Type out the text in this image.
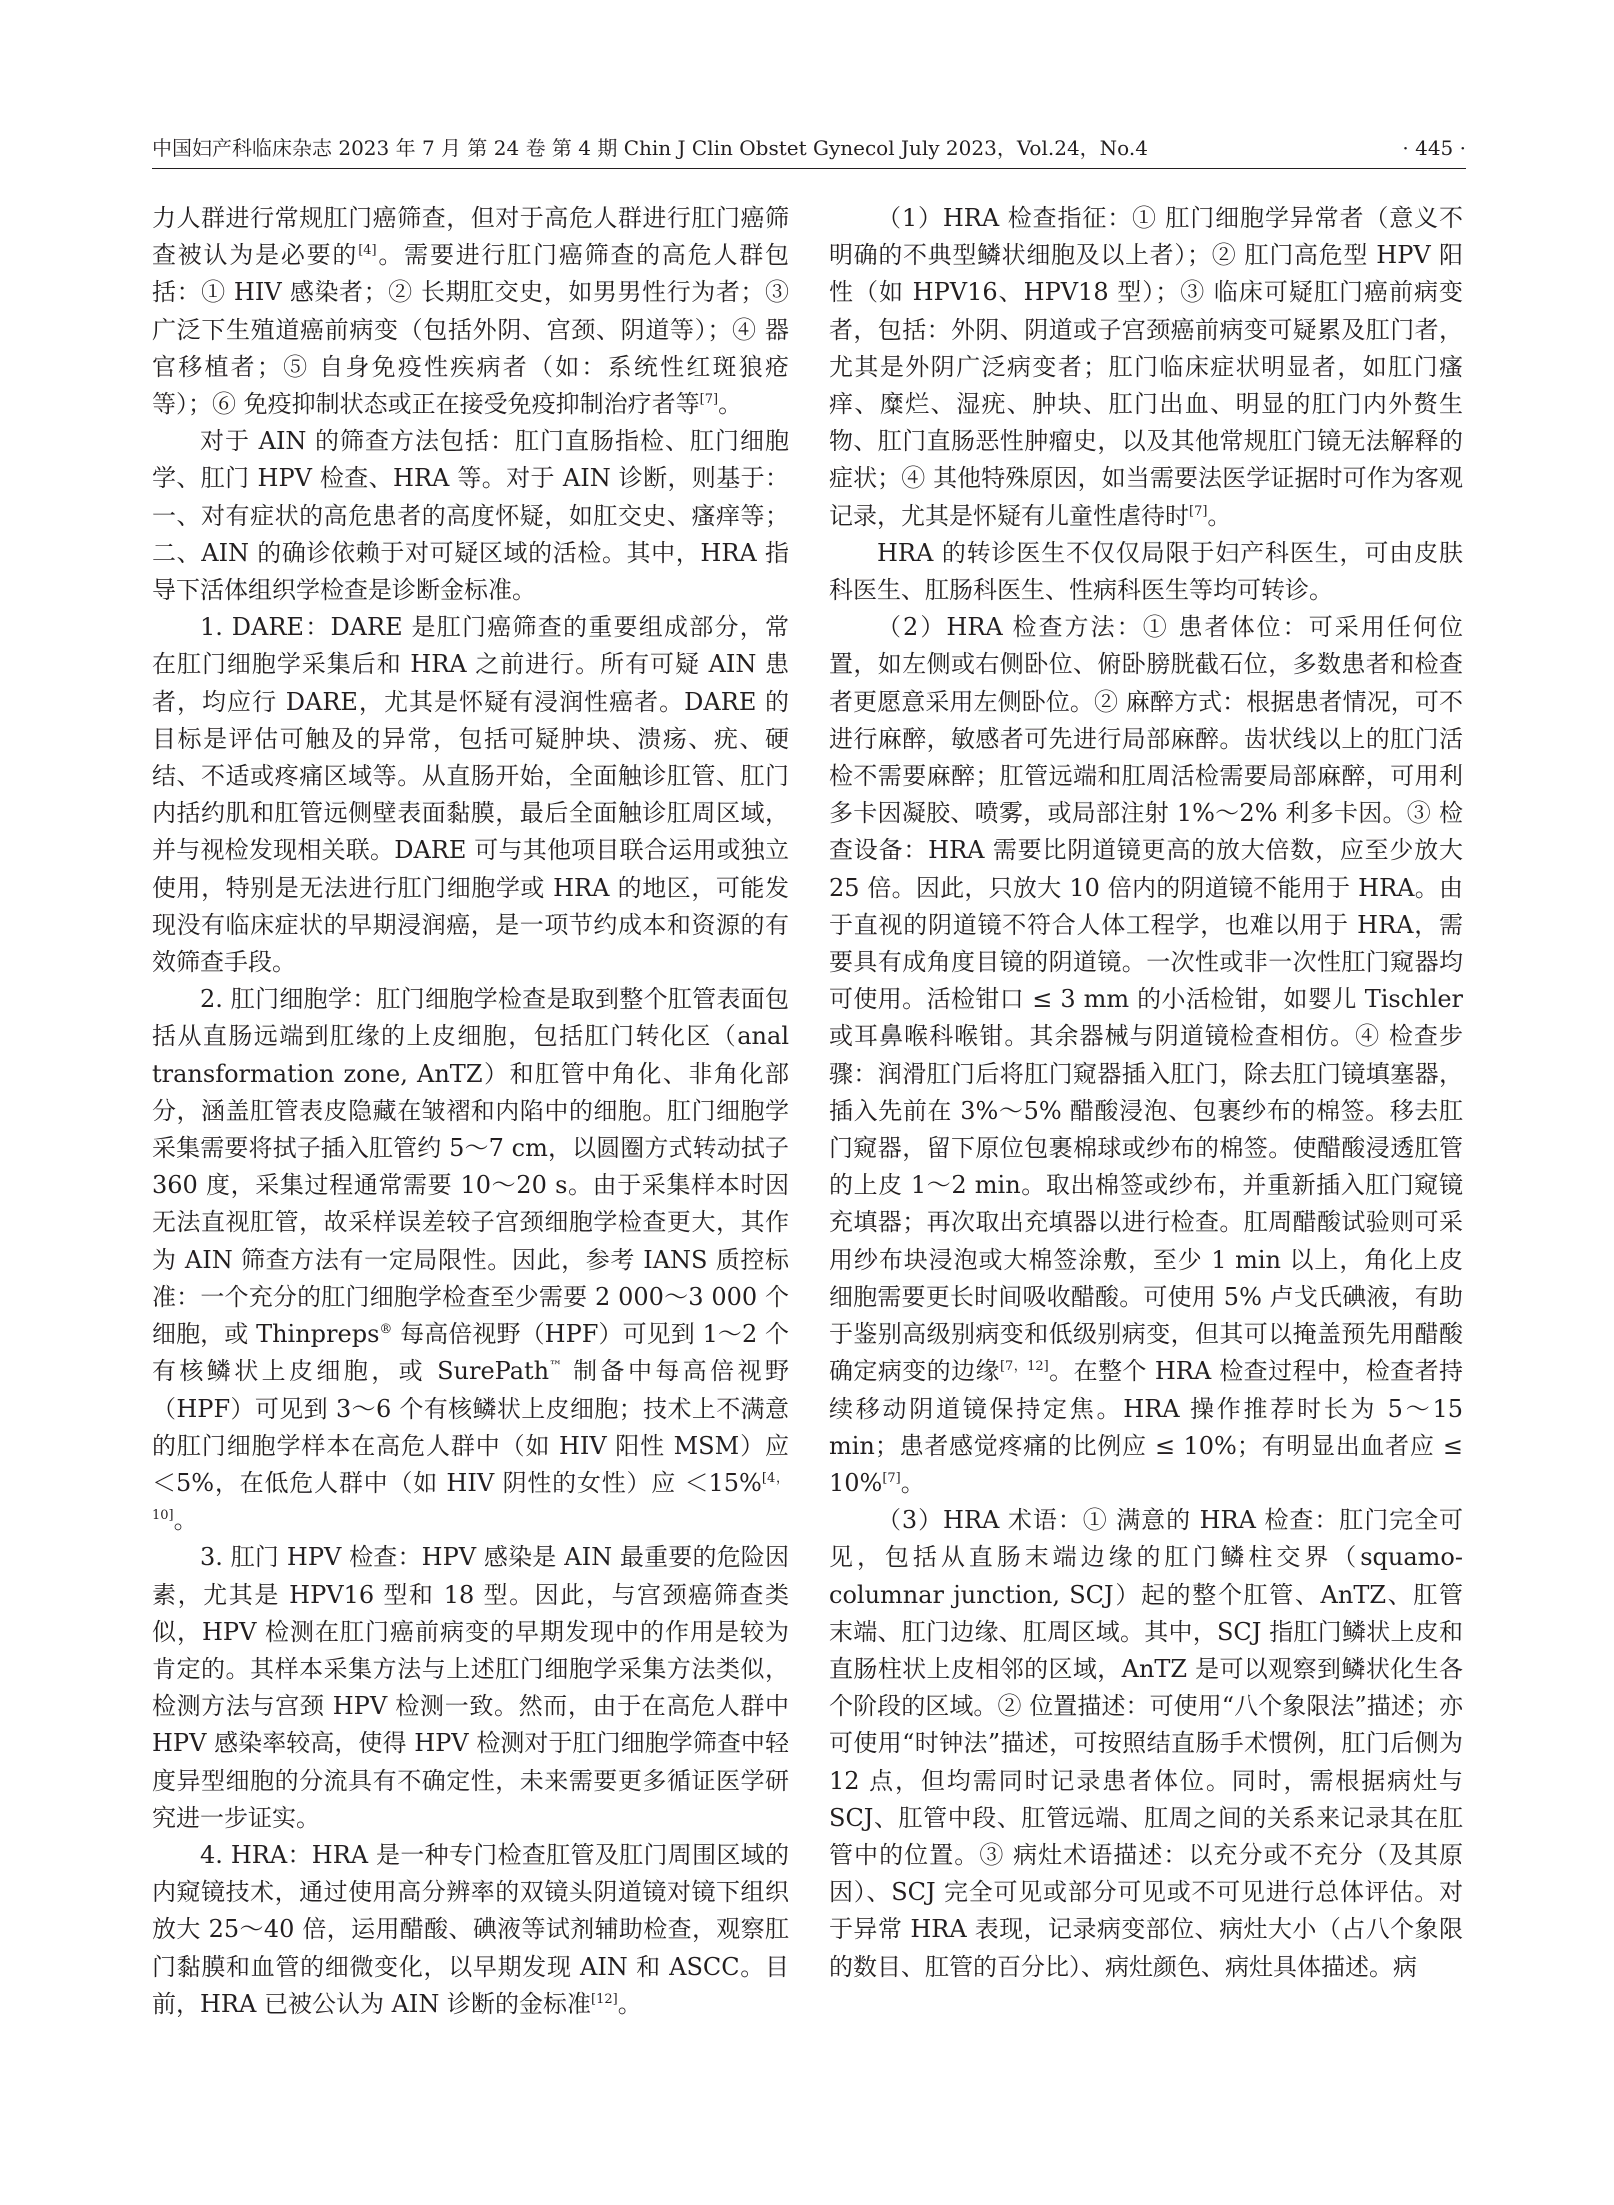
中国妇产科临床杂志 2023 年 7 月 第 24 卷 第 4 期 Chin J Clin Obstet Gynecol July 2023，Vol.24，No.4	· 445 ·

力人群进行常规肛门癌筛查，但对于高危人群进行肛门癌筛查被认为是必要的[4]。需要进行肛门癌筛查的高危人群包括：① HIV 感染者；② 长期肛交史，如男男性行为者；③ 广泛下生殖道癌前病变（包括外阴、宫颈、阴道等）；④ 器官移植者；⑤ 自身免疫性疾病者（如：系统性红斑狼疮等）；⑥ 免疫抑制状态或正在接受免疫抑制治疗者等[7]。

对于 AIN 的筛查方法包括：肛门直肠指检、肛门细胞学、肛门 HPV 检查、HRA 等。对于 AIN 诊断，则基于：一、对有症状的高危患者的高度怀疑，如肛交史、瘙痒等；二、AIN 的确诊依赖于对可疑区域的活检。其中，HRA 指导下活体组织学检查是诊断金标准。

1. DARE：DARE 是肛门癌筛查的重要组成部分，常在肛门细胞学采集后和 HRA 之前进行。所有可疑 AIN 患者，均应行 DARE，尤其是怀疑有浸润性癌者。DARE 的目标是评估可触及的异常，包括可疑肿块、溃疡、疣、硬结、不适或疼痛区域等。从直肠开始，全面触诊肛管、肛门内括约肌和肛管远侧壁表面黏膜，最后全面触诊肛周区域，并与视检发现相关联。DARE 可与其他项目联合运用或独立使用，特别是无法进行肛门细胞学或 HRA 的地区，可能发现没有临床症状的早期浸润癌，是一项节约成本和资源的有效筛查手段。

2. 肛门细胞学：肛门细胞学检查是取到整个肛管表面包括从直肠远端到肛缘的上皮细胞，包括肛门转化区（anal transformation zone, AnTZ）和肛管中角化、非角化部分，涵盖肛管表皮隐藏在皱褶和内陷中的细胞。肛门细胞学采集需要将拭子插入肛管约 5～7 cm，以圆圈方式转动拭子 360 度，采集过程通常需要 10～20 s。由于采集样本时因无法直视肛管，故采样误差较子宫颈细胞学检查更大，其作为 AIN 筛查方法有一定局限性。因此，参考 IANS 质控标准：一个充分的肛门细胞学检查至少需要 2 000～3 000 个细胞，或 Thinpreps® 每高倍视野（HPF）可见到 1～2 个有核鳞状上皮细胞，或 SurePath™ 制备中每高倍视野（HPF）可见到 3～6 个有核鳞状上皮细胞；技术上不满意的肛门细胞学样本在高危人群中（如 HIV 阳性 MSM）应 ＜5%，在低危人群中（如 HIV 阴性的女性）应 ＜15%[4，10]。

3. 肛门 HPV 检查：HPV 感染是 AIN 最重要的危险因素，尤其是 HPV16 型和 18 型。因此，与宫颈癌筛查类似，HPV 检测在肛门癌前病变的早期发现中的作用是较为肯定的。其样本采集方法与上述肛门细胞学采集方法类似，检测方法与宫颈 HPV 检测一致。然而，由于在高危人群中 HPV 感染率较高，使得 HPV 检测对于肛门细胞学筛查中轻度异型细胞的分流具有不确定性，未来需要更多循证医学研究进一步证实。

4. HRA：HRA 是一种专门检查肛管及肛门周围区域的内窥镜技术，通过使用高分辨率的双镜头阴道镜对镜下组织放大 25～40 倍，运用醋酸、碘液等试剂辅助检查，观察肛门黏膜和血管的细微变化，以早期发现 AIN 和 ASCC。目前，HRA 已被公认为 AIN 诊断的金标准[12]。

（1）HRA 检查指征：① 肛门细胞学异常者（意义不明确的不典型鳞状细胞及以上者）；② 肛门高危型 HPV 阳性（如 HPV16、HPV18 型）；③ 临床可疑肛门癌前病变者，包括：外阴、阴道或子宫颈癌前病变可疑累及肛门者，尤其是外阴广泛病变者；肛门临床症状明显者，如肛门瘙痒、糜烂、湿疣、肿块、肛门出血、明显的肛门内外赘生物、肛门直肠恶性肿瘤史，以及其他常规肛门镜无法解释的症状；④ 其他特殊原因，如当需要法医学证据时可作为客观记录，尤其是怀疑有儿童性虐待时[7]。

HRA 的转诊医生不仅仅局限于妇产科医生，可由皮肤科医生、肛肠科医生、性病科医生等均可转诊。

（2）HRA 检查方法：① 患者体位：可采用任何位置，如左侧或右侧卧位、俯卧膀胱截石位，多数患者和检查者更愿意采用左侧卧位。② 麻醉方式：根据患者情况，可不进行麻醉，敏感者可先进行局部麻醉。齿状线以上的肛门活检不需要麻醉；肛管远端和肛周活检需要局部麻醉，可用利多卡因凝胶、喷雾，或局部注射 1%～2% 利多卡因。③ 检查设备：HRA 需要比阴道镜更高的放大倍数，应至少放大 25 倍。因此，只放大 10 倍内的阴道镜不能用于 HRA。由于直视的阴道镜不符合人体工程学，也难以用于 HRA，需要具有成角度目镜的阴道镜。一次性或非一次性肛门窥器均可使用。活检钳口 ≤ 3 mm 的小活检钳，如婴儿 Tischler 或耳鼻喉科喉钳。其余器械与阴道镜检查相仿。④ 检查步骤：润滑肛门后将肛门窥器插入肛门，除去肛门镜填塞器，插入先前在 3%～5% 醋酸浸泡、包裹纱布的棉签。移去肛门窥器，留下原位包裹棉球或纱布的棉签。使醋酸浸透肛管的上皮 1～2 min。取出棉签或纱布，并重新插入肛门窥镜充填器；再次取出充填器以进行检查。肛周醋酸试验则可采用纱布块浸泡或大棉签涂敷，至少 1 min 以上，角化上皮细胞需要更长时间吸收醋酸。可使用 5% 卢戈氏碘液，有助于鉴别高级别病变和低级别病变，但其可以掩盖预先用醋酸确定病变的边缘[7，12]。在整个 HRA 检查过程中，检查者持续移动阴道镜保持定焦。HRA 操作推荐时长为 5～15 min；患者感觉疼痛的比例应 ≤ 10%；有明显出血者应 ≤ 10%[7]。

（3）HRA 术语：① 满意的 HRA 检查：肛门完全可见，包括从直肠末端边缘的肛门鳞柱交界（squamo-columnar junction, SCJ）起的整个肛管、AnTZ、肛管末端、肛门边缘、肛周区域。其中，SCJ 指肛门鳞状上皮和直肠柱状上皮相邻的区域，AnTZ 是可以观察到鳞状化生各个阶段的区域。② 位置描述：可使用“八个象限法”描述；亦可使用“时钟法”描述，可按照结直肠手术惯例，肛门后侧为 12 点，但均需同时记录患者体位。同时，需根据病灶与 SCJ、肛管中段、肛管远端、肛周之间的关系来记录其在肛管中的位置。③ 病灶术语描述：以充分或不充分（及其原因）、SCJ 完全可见或部分可见或不可见进行总体评估。对于异常 HRA 表现，记录病变部位、病灶大小（占八个象限的数目、肛管的百分比）、病灶颜色、病灶具体描述。病
